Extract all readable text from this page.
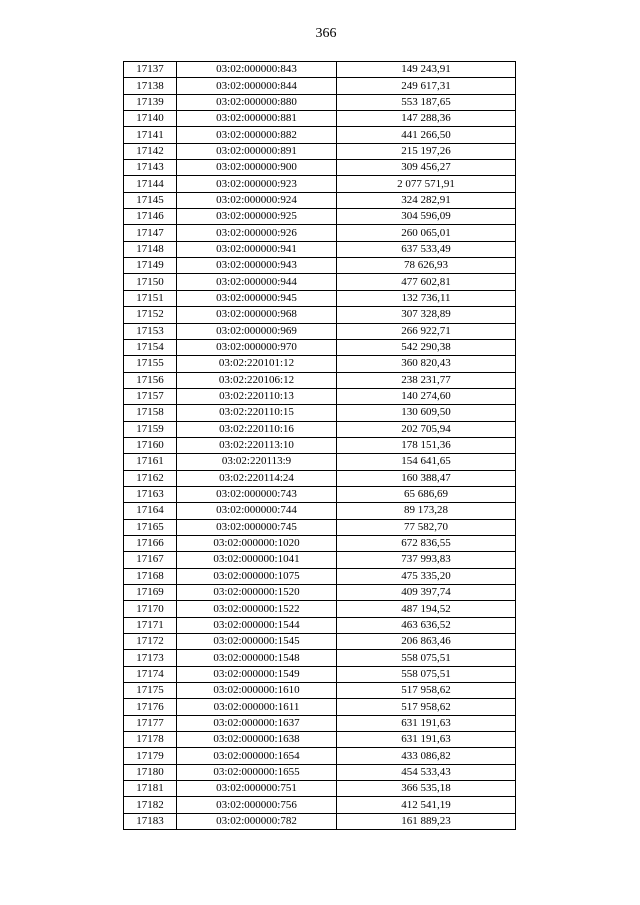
366
17137	03:02:000000:843	149 243,91
17138	03:02:000000:844	249 617,31
17139	03:02:000000:880	553 187,65
17140	03:02:000000:881	147 288,36
17141	03:02:000000:882	441 266,50
17142	03:02:000000:891	215 197,26
17143	03:02:000000:900	309 456,27
17144	03:02:000000:923	2 077 571,91
17145	03:02:000000:924	324 282,91
17146	03:02:000000:925	304 596,09
17147	03:02:000000:926	260 065,01
17148	03:02:000000:941	637 533,49
17149	03:02:000000:943	78 626,93
17150	03:02:000000:944	477 602,81
17151	03:02:000000:945	132 736,11
17152	03:02:000000:968	307 328,89
17153	03:02:000000:969	266 922,71
17154	03:02:000000:970	542 290,38
17155	03:02:220101:12	360 820,43
17156	03:02:220106:12	238 231,77
17157	03:02:220110:13	140 274,60
17158	03:02:220110:15	130 609,50
17159	03:02:220110:16	202 705,94
17160	03:02:220113:10	178 151,36
17161	03:02:220113:9	154 641,65
17162	03:02:220114:24	160 388,47
17163	03:02:000000:743	65 686,69
17164	03:02:000000:744	89 173,28
17165	03:02:000000:745	77 582,70
17166	03:02:000000:1020	672 836,55
17167	03:02:000000:1041	737 993,83
17168	03:02:000000:1075	475 335,20
17169	03:02:000000:1520	409 397,74
17170	03:02:000000:1522	487 194,52
17171	03:02:000000:1544	463 636,52
17172	03:02:000000:1545	206 863,46
17173	03:02:000000:1548	558 075,51
17174	03:02:000000:1549	558 075,51
17175	03:02:000000:1610	517 958,62
17176	03:02:000000:1611	517 958,62
17177	03:02:000000:1637	631 191,63
17178	03:02:000000:1638	631 191,63
17179	03:02:000000:1654	433 086,82
17180	03:02:000000:1655	454 533,43
17181	03:02:000000:751	366 535,18
17182	03:02:000000:756	412 541,19
17183	03:02:000000:782	161 889,23
